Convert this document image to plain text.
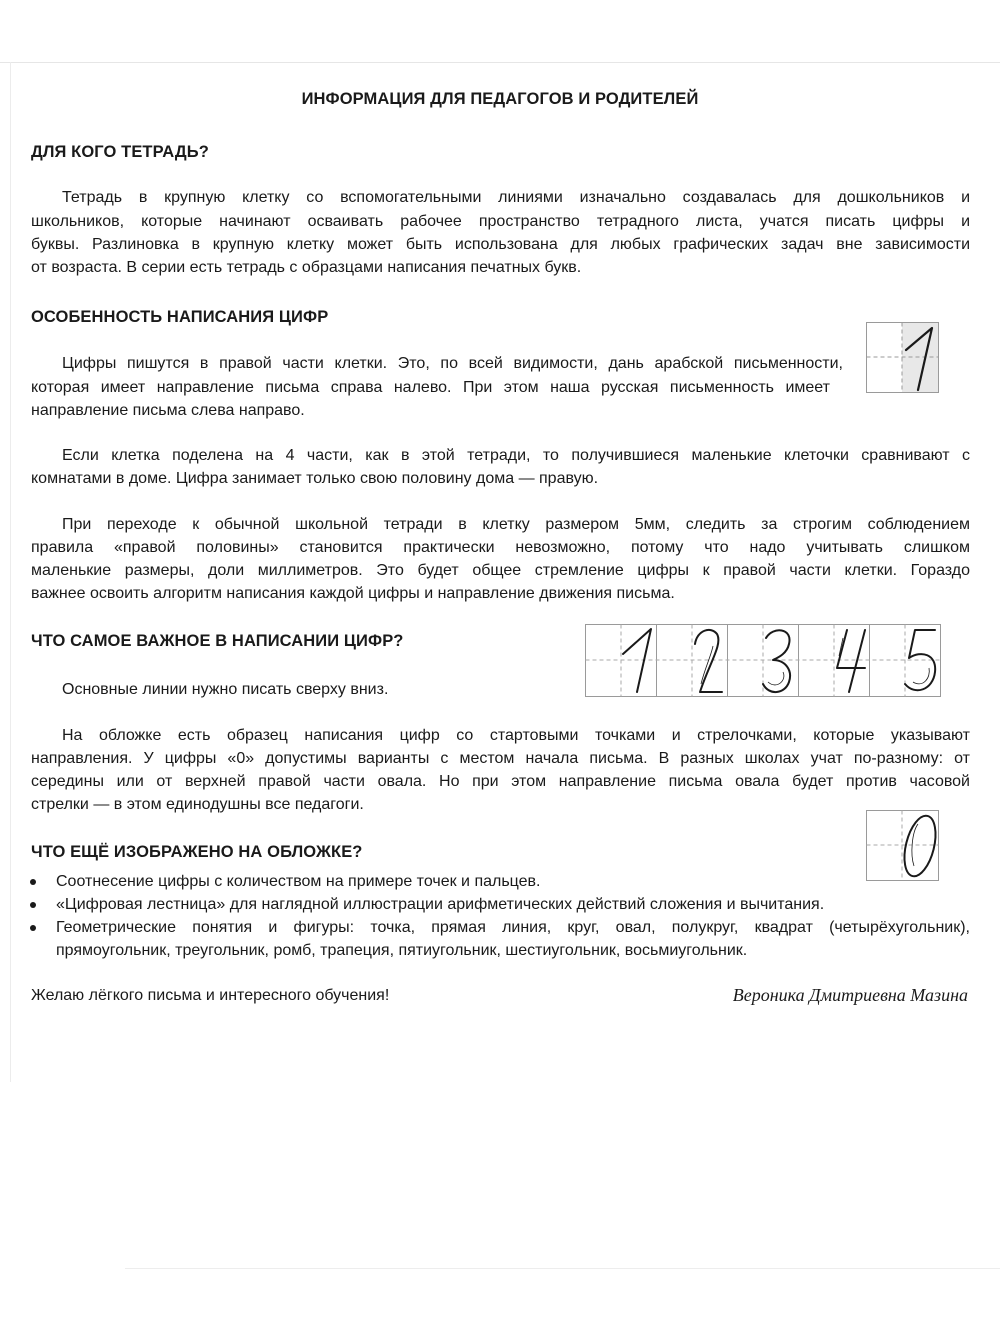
ИНФОРМАЦИЯ ДЛЯ ПЕДАГОГОВ И РОДИТЕЛЕЙ

ДЛЯ КОГО ТЕТРАДЬ?

Тетрадь в крупную клетку со вспомогательными линиями изначально создавалась для дошкольников и

школьников, которые начинают осваивать рабочее пространство тетрадного листа, учатся писать цифры и

буквы. Разлиновка в крупную клетку может быть использована для любых графических задач вне зависимости

от возраста. В серии есть тетрадь с образцами написания печатных букв.

ОСОБЕННОСТЬ НАПИСАНИЯ ЦИФР

Цифры пишутся в правой части клетки. Это, по всей видимости, дань арабской письменности,

которая имеет направление письма справа налево. При этом наша русская письменность имеет

направление письма слева направо.

Если клетка поделена на 4 части, как в этой тетради, то получившиеся маленькие клеточки сравнивают с

комнатами в доме. Цифра занимает только свою половину дома — правую.

При переходе к обычной школьной тетради в клетку размером 5мм, следить за строгим соблюдением

правила «правой половины» становится практически невозможно, потому что надо учитывать слишком

маленькие размеры, доли миллиметров. Это будет общее стремление цифры к правой части клетки. Гораздо

важнее освоить алгоритм написания каждой цифры и направление движения письма.

ЧТО САМОЕ ВАЖНОЕ В НАПИСАНИИ ЦИФР?

Основные линии нужно писать сверху вниз.

На обложке есть образец написания цифр со стартовыми точками и стрелочками, которые указывают

направления. У цифры «0» допустимы варианты с местом начала письма. В разных школах учат по-разному: от

середины или от верхней правой части овала. Но при этом направление письма овала будет против часовой

стрелки — в этом единодушны все педагоги.

ЧТО ЕЩЁ ИЗОБРАЖЕНО НА ОБЛОЖКЕ?

Соотнесение цифры с количеством на примере точек и пальцев.

«Цифровая лестница» для наглядной иллюстрации арифметических действий сложения и вычитания.

Геометрические понятия и фигуры: точка, прямая линия, круг, овал, полукруг, квадрат (четырёхугольник),

прямоугольник, треугольник, ромб, трапеция, пятиугольник, шестиугольник, восьмиугольник.

Желаю лёгкого письма и интересного обучения!	Вероника Дмитриевна Мазина
